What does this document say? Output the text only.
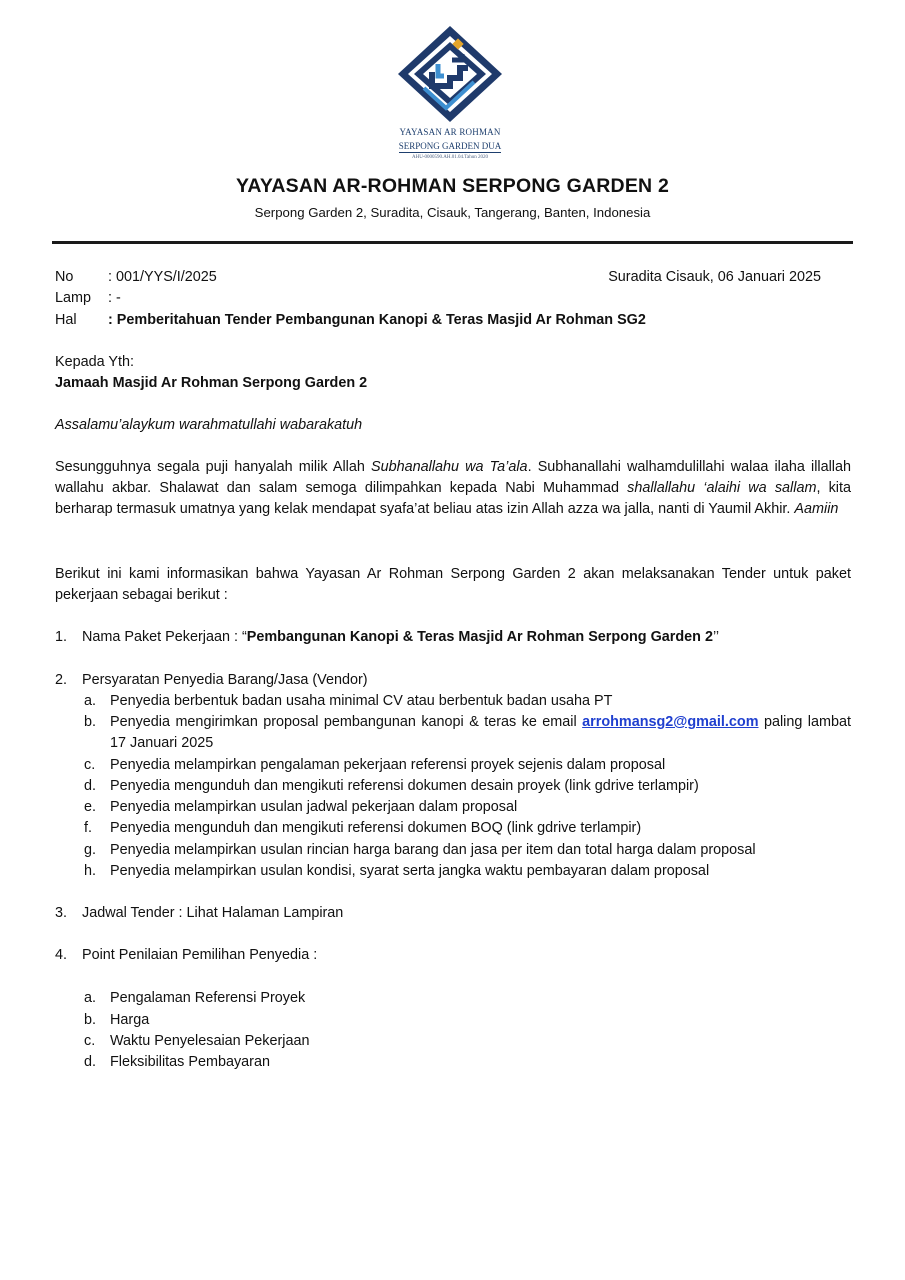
YAYASAN AR ROHMAN
SERPONG GARDEN DUA
AHU-0000590.AH.01.04.Tahun 2020
YAYASAN AR-ROHMAN SERPONG GARDEN 2
Serpong Garden 2, Suradita, Cisauk, Tangerang, Banten, Indonesia
No : 001/YYS/I/2025	Suradita Cisauk, 06 Januari 2025
Lamp : -
Hal : Pemberitahuan Tender Pembangunan Kanopi & Teras Masjid Ar Rohman SG2
Kepada Yth:
Jamaah Masjid Ar Rohman Serpong Garden 2
Assalamu’alaykum warahmatullahi wabarakatuh
Sesungguhnya segala puji hanyalah milik Allah Subhanallahu wa Ta’ala. Subhanallahi walhamdulillahi walaa ilaha illallah wallahu akbar. Shalawat dan salam semoga dilimpahkan kepada Nabi Muhammad shallallahu ‘alaihi wa sallam, kita berharap termasuk umatnya yang kelak mendapat syafa’at beliau atas izin Allah azza wa jalla, nanti di Yaumil Akhir. Aamiin
Berikut ini kami informasikan bahwa Yayasan Ar Rohman Serpong Garden 2 akan melaksanakan Tender untuk paket pekerjaan sebagai berikut :
1. Nama Paket Pekerjaan : “Pembangunan Kanopi & Teras Masjid Ar Rohman Serpong Garden 2’’
2. Persyaratan Penyedia Barang/Jasa (Vendor)
a. Penyedia berbentuk badan usaha minimal CV atau berbentuk badan usaha PT
b. Penyedia mengirimkan proposal pembangunan kanopi & teras ke email arrohmansg2@gmail.com paling lambat 17 Januari 2025
c. Penyedia melampirkan pengalaman pekerjaan referensi proyek sejenis dalam proposal
d. Penyedia mengunduh dan mengikuti referensi dokumen desain proyek (link gdrive terlampir)
e. Penyedia melampirkan usulan jadwal pekerjaan dalam proposal
f. Penyedia mengunduh dan mengikuti referensi dokumen BOQ (link gdrive terlampir)
g. Penyedia melampirkan usulan rincian harga barang dan jasa per item dan total harga dalam proposal
h. Penyedia melampirkan usulan kondisi, syarat serta jangka waktu pembayaran dalam proposal
3. Jadwal Tender : Lihat Halaman Lampiran
4. Point Penilaian Pemilihan Penyedia :
a. Pengalaman Referensi Proyek
b. Harga
c. Waktu Penyelesaian Pekerjaan
d. Fleksibilitas Pembayaran
